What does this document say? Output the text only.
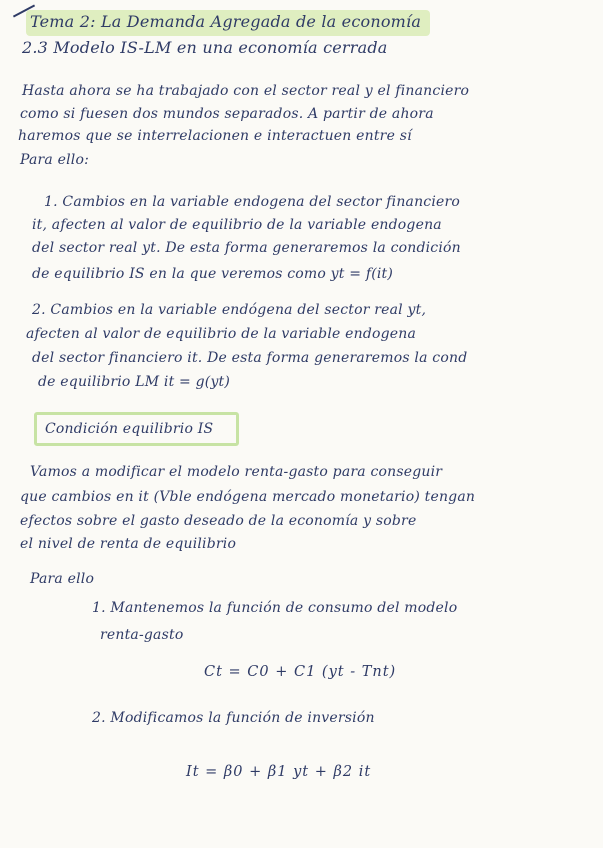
Tema 2: La Demanda Agregada de la economía
2.3 Modelo IS-LM en una economía cerrada
Hasta ahora se ha trabajado con el sector real y el financiero
como si fuesen dos mundos separados. A partir de ahora
haremos que se interrelacionen e interactuen entre sí
Para ello:
1. Cambios en la variable endogena del sector financiero
it, afecten al valor de equilibrio de la variable endogena
del sector real yt. De esta forma generaremos la condición
de equilibrio IS en la que veremos como yt = f(it)
2. Cambios en la variable endógena del sector real yt,
afecten al valor de equilibrio de la variable endogena
del sector financiero it. De esta forma generaremos la cond
de equilibrio LM it = g(yt)
Condición equilibrio IS
Vamos a modificar el modelo renta-gasto para conseguir
que cambios en it (Vble endógena mercado monetario) tengan
efectos sobre el gasto deseado de la economía y sobre
el nivel de renta de equilibrio
Para ello
1. Mantenemos la función de consumo del modelo
renta-gasto
Ct = C0 + C1 (yt - Tnt)
2. Modificamos la función de inversión
It = β0 + β1 yt + β2 it
